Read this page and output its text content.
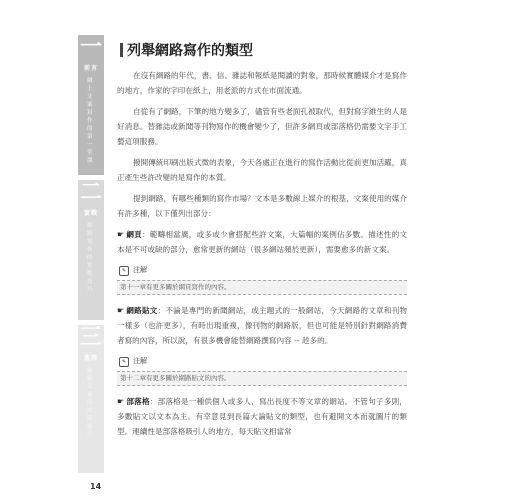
一
前言
網上文案寫作的第一堂課
二
實戰
網路寫作的實戰技巧
三
進階
網路文案的進階應用
14
列舉網路寫作的類型

在沒有網路的年代，書、信、雜誌和報紙是閱讀的對象，那時候實體媒介才是寫作的地方，作家的字印在紙上，用老派的方式在市面流通。

自從有了網路，下筆的地方變多了，儘管有些老面孔被取代，但對寫字維生的人是好消息。替雜誌或新聞等刊物寫作的機會變少了，但許多網頁或部落格仍需要文字手工藝這項服務。

撥開傳統印刷出版式微的表象，今天各處正在進行的寫作活動比從前更加活躍，真正產生些許改變的是寫作的本質。

提到網路，有哪些種類的寫作市場？文本是多數線上媒介的根基，文案使用的媒介有許多種，以下僅列出部分：

☛ 網頁：範疇相當廣，或多或少會搭配些許文案，大篇幅的案例佔多數。描述性的文本是不可或缺的部分，愈常更新的網站（很多網站頻於更新），需要愈多的新文案。
✎ 注解
第十一章有更多關於網頁寫作的內容。
☛ 網路貼文：不論是專門的新聞網站，或主題式的一般網站，今天網路的文章和刊物一樣多（也許更多），有時出現重複，像刊物的網路版，但也可能是特別針對網路消費者寫的內容，所以說，有很多機會能替網路撰寫內容 -- 趁多的。
✎ 注解
第十二章有更多關於網路貼文的內容。
☛ 部落格：部落格是一種供個人或多人，寫出長度不等文章的網站。不管句子多則，多數貼文以文本為主。有幸意見到長篇大論貼文的類型，也有避開文本而就圖片的類型。連續性是部落格吸引人的地方，每天貼文相當常
